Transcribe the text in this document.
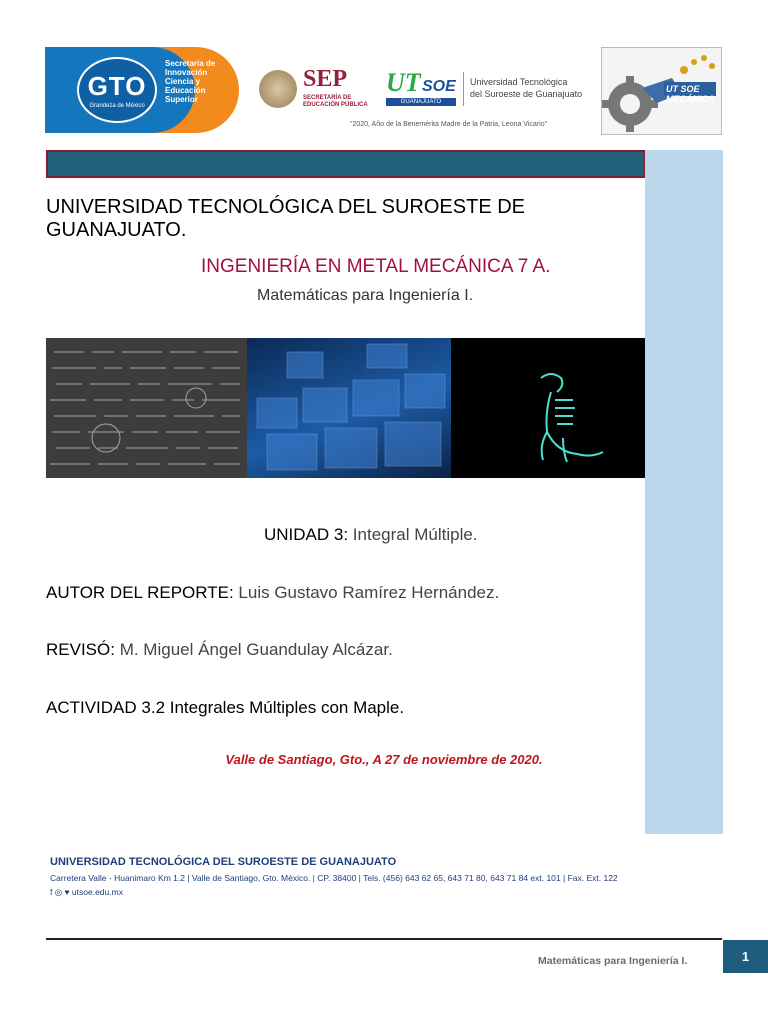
GTO
Grandeza de México
Secretaría de Innovación Ciencia y Educación Superior
SEP
SECRETARÍA DE EDUCACIÓN PÚBLICA
UT SOE
GUANAJUATO
Universidad Tecnológica
del Suroeste de Guanajuato
"2020, Año de la Benemérita Madre de la Patria, Leona Vicario"
UT SOE MECÁNICA
UNIVERSIDAD TECNOLÓGICA DEL SUROESTE DE GUANAJUATO.
INGENIERÍA EN METAL MECÁNICA 7 A.
Matemáticas para Ingeniería I.
UNIDAD 3: Integral Múltiple.
AUTOR DEL REPORTE: Luis Gustavo Ramírez Hernández.
REVISÓ: M. Miguel Ángel Guandulay Alcázar.
ACTIVIDAD 3.2 Integrales Múltiples con Maple.
Valle de Santiago, Gto., A 27 de noviembre de 2020.
UNIVERSIDAD TECNOLÓGICA DEL SUROESTE DE GUANAJUATO
Carretera Valle - Huanimaro Km 1.2 | Valle de Santiago, Gto. México. | CP. 38400 | Tels. (456) 643 62 65, 643 71 80, 643 71 84 ext. 101 | Fax. Ext. 122
f ◎ ♥ utsoe.edu.mx
Matemáticas para Ingeniería I.	1
